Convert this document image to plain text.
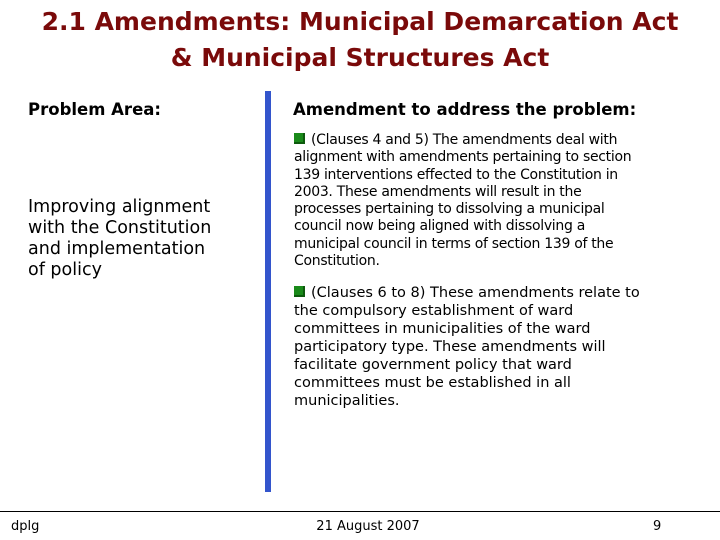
2.1 Amendments: Municipal Demarcation Act
& Municipal Structures Act
Problem Area:
Improving alignment
with the Constitution
and implementation
of policy
Amendment to address the problem:
(Clauses 4 and 5) The amendments deal with
alignment with amendments pertaining to section
139 interventions effected to the Constitution in
2003. These amendments will result in the
processes pertaining to dissolving a municipal
council now being aligned with dissolving a
municipal council in terms of section 139 of the
Constitution.
(Clauses 6 to 8) These amendments relate to
the compulsory establishment of ward
committees in municipalities of the ward
participatory type. These amendments will
facilitate government policy that ward
committees must be established in all
municipalities.
dplg	21 August 2007	9
